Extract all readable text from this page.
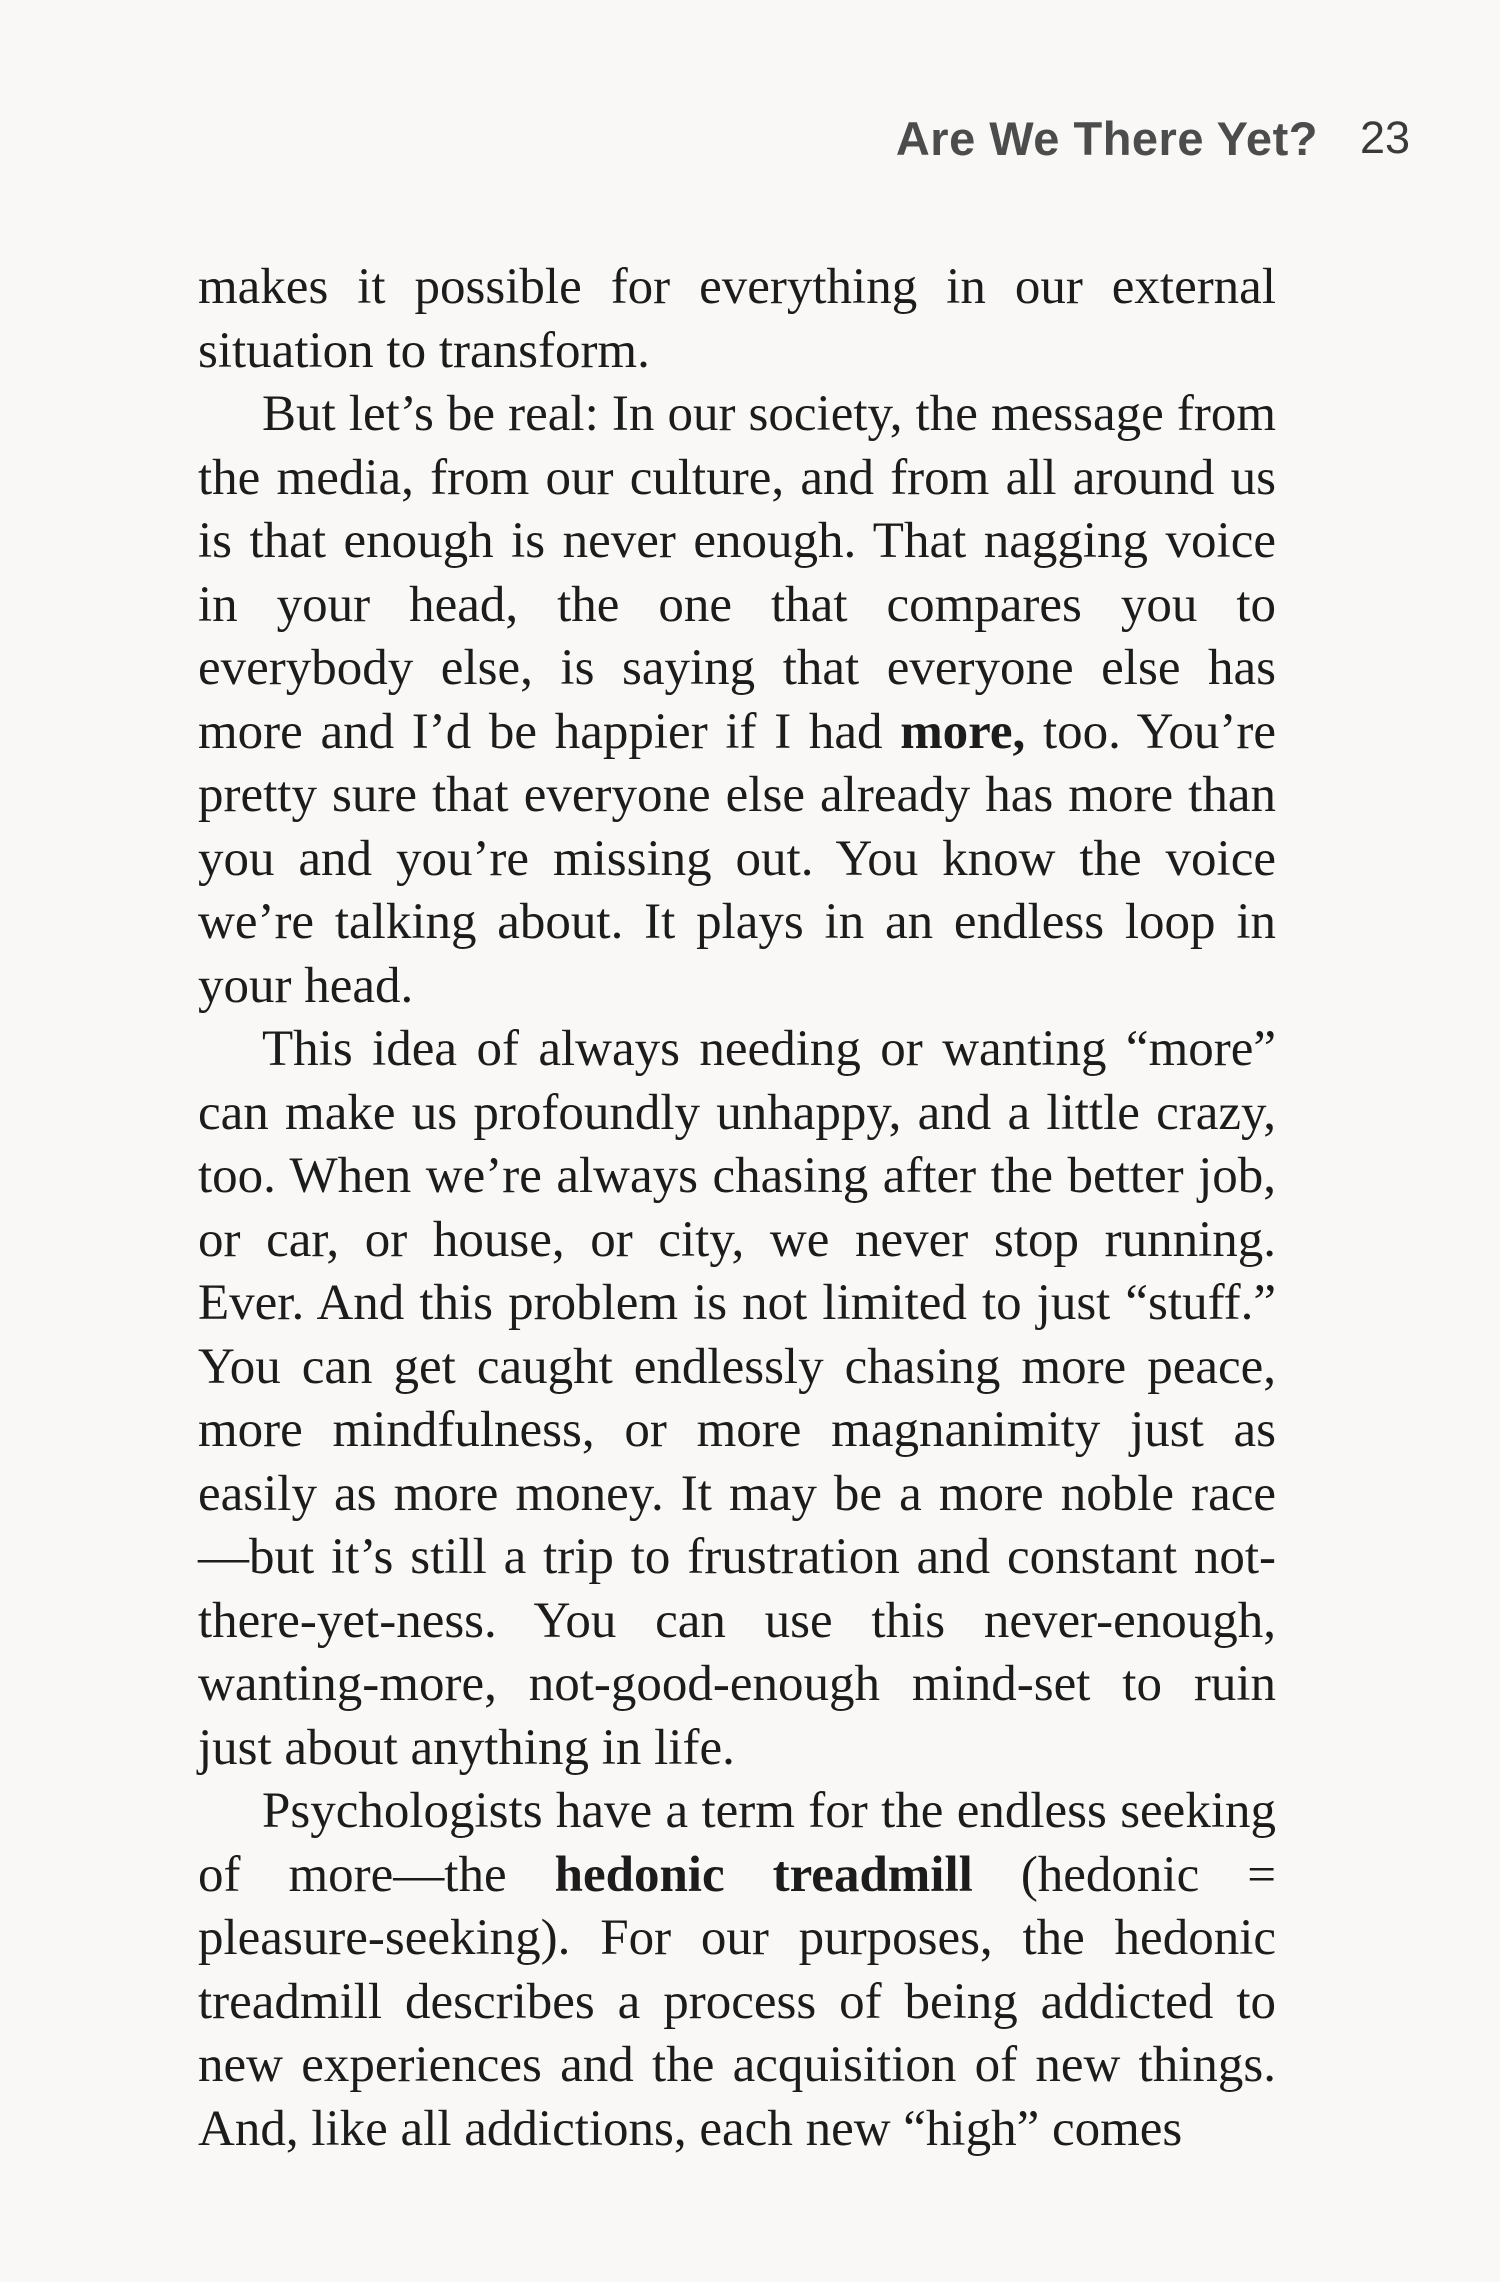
Are We There Yet? 23

makes it possible for everything in our external situation to transform.

But let’s be real: In our society, the message from the media, from our culture, and from all around us is that enough is never enough. That nagging voice in your head, the one that compares you to everybody else, is saying that everyone else has more and I’d be happier if I had more, too. You’re pretty sure that everyone else already has more than you and you’re missing out. You know the voice we’re talking about. It plays in an endless loop in your head.

This idea of always needing or wanting “more” can make us profoundly unhappy, and a little crazy, too. When we’re always chasing after the better job, or car, or house, or city, we never stop running. Ever. And this problem is not limited to just “stuff.” You can get caught endlessly chasing more peace, more mindfulness, or more magnanimity just as easily as more money. It may be a more noble race—but it’s still a trip to frustration and constant not-there-yet-ness. You can use this never-enough, wanting-more, not-good-enough mind-set to ruin just about anything in life.

Psychologists have a term for the endless seeking of more—the hedonic treadmill (hedonic = pleasure-seeking). For our purposes, the hedonic treadmill describes a process of being addicted to new experiences and the acquisition of new things. And, like all addictions, each new “high” comes
